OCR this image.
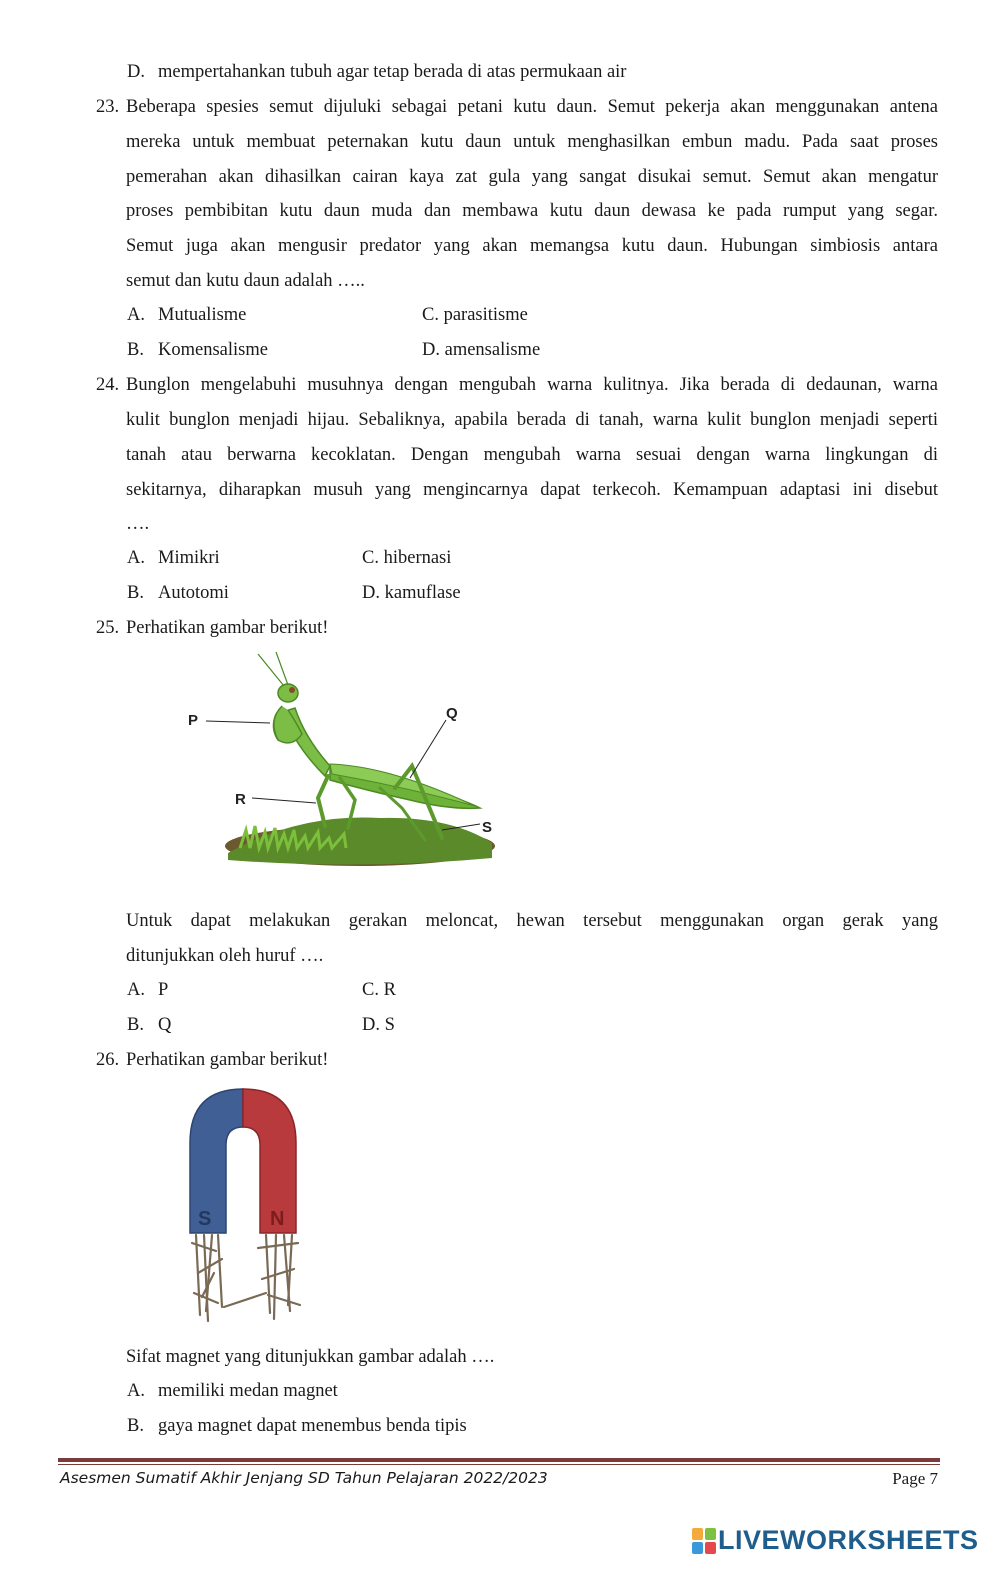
D. mempertahankan tubuh agar tetap berada di atas permukaan air
23. Beberapa spesies semut dijuluki sebagai petani kutu daun. Semut pekerja akan menggunakan antena
mereka untuk membuat peternakan kutu daun untuk menghasilkan embun madu. Pada saat proses
pemerahan akan dihasilkan cairan kaya zat gula yang sangat disukai semut. Semut akan mengatur
proses pembibitan kutu daun muda dan membawa kutu daun dewasa ke pada rumput yang segar.
Semut juga akan mengusir predator yang akan memangsa kutu daun. Hubungan simbiosis antara
semut dan kutu daun adalah …..
A. Mutualisme	C. parasitisme
B. Komensalisme	D. amensalisme
24. Bunglon mengelabuhi musuhnya dengan mengubah warna kulitnya. Jika berada di dedaunan, warna
kulit bunglon menjadi hijau. Sebaliknya, apabila berada di tanah, warna kulit bunglon menjadi seperti
tanah atau berwarna kecoklatan. Dengan mengubah warna sesuai dengan warna lingkungan di
sekitarnya, diharapkan musuh yang mengincarnya dapat terkecoh. Kemampuan adaptasi ini disebut
….
A. Mimikri	C. hibernasi
B. Autotomi	D. kamuflase
25. Perhatikan gambar berikut!
P	Q
R
S
Untuk dapat melakukan gerakan meloncat, hewan tersebut menggunakan organ gerak yang
ditunjukkan oleh huruf ….
A. P	C. R
B. Q	D. S
26. Perhatikan gambar berikut!
S	N
Sifat magnet yang ditunjukkan gambar adalah ….
A. memiliki medan magnet
B. gaya magnet dapat menembus benda tipis
Asesmen Sumatif Akhir Jenjang SD Tahun Pelajaran 2022/2023	Page 7
LIVEWORKSHEETS
